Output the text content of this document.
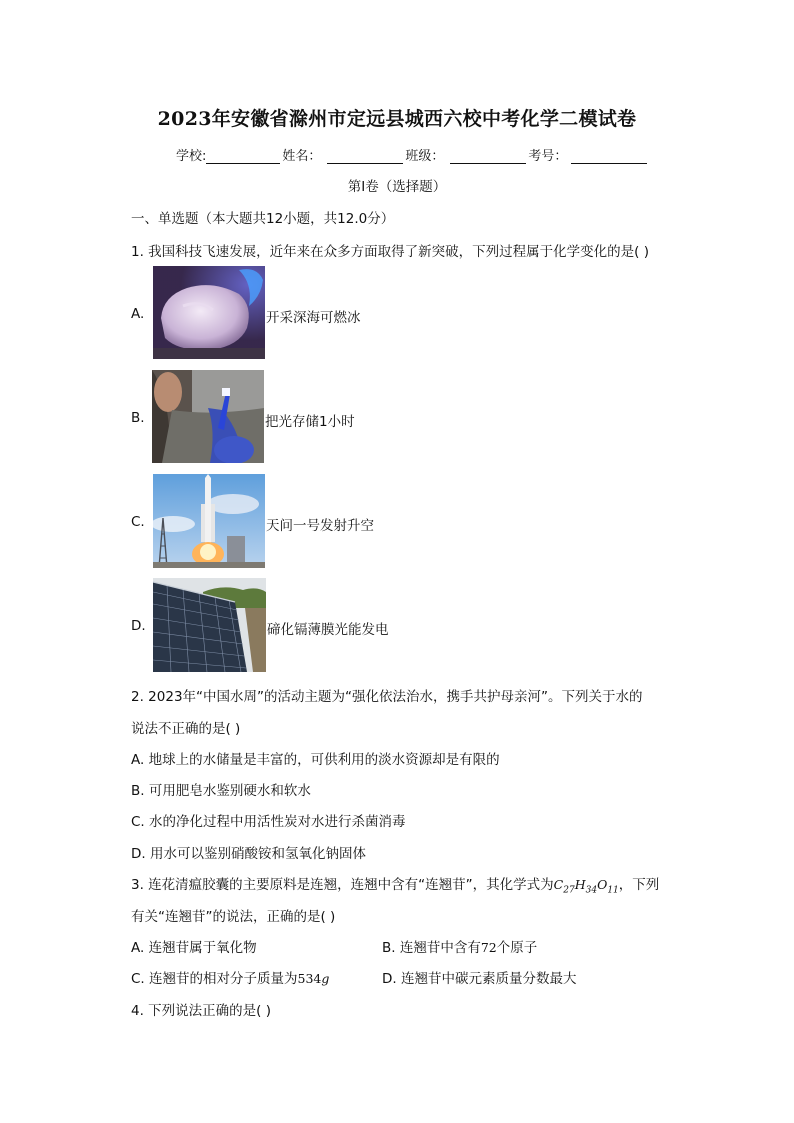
2023年安徽省滁州市定远县城西六校中考化学二模试卷
学校:	姓名：	班级：	考号：
第I卷（选择题）
一、单选题（本大题共12小题，共12.0分）
1. 我国科技飞速发展，近年来在众多方面取得了新突破，下列过程属于化学变化的是( )
A.	开采深海可燃冰
B.	把光存储1小时
C.	天问一号发射升空
D.	碲化镉薄膜光能发电
2. 2023年“中国水周”的活动主题为“强化依法治水，携手共护母亲河”。下列关于水的
说法不正确的是( )
A. 地球上的水储量是丰富的，可供利用的淡水资源却是有限的
B. 可用肥皂水鉴别硬水和软水
C. 水的净化过程中用活性炭对水进行杀菌消毒
D. 用水可以鉴别硝酸铵和氢氧化钠固体
3. 连花清瘟胶囊的主要原料是连翘，连翘中含有“连翘苷”，其化学式为$C_{27}H_{34}O_{11}$，下列
有关“连翘苷”的说法，正确的是( )
A. 连翘苷属于氧化物	B. 连翘苷中含有72个原子
C. 连翘苷的相对分子质量为534g	D. 连翘苷中碳元素质量分数最大
4. 下列说法正确的是( )
